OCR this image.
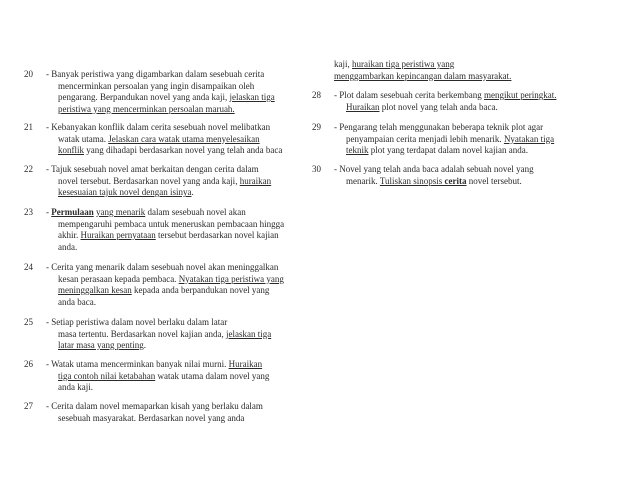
20	- Banyak peristiwa yang digambarkan dalam sesebuah cerita
mencerminkan persoalan yang ingin disampaikan oleh
pengarang. Berpandukan novel yang anda kaji, jelaskan tiga
peristiwa yang mencerminkan persoalan maruah.
21	- Kebanyakan konflik dalam cerita sesebuah novel melibatkan
watak utama. Jelaskan cara watak utama menyelesaikan
konflik yang dihadapi berdasarkan novel yang telah anda baca
22	- Tajuk sesebuah novel amat berkaitan dengan cerita dalam
novel tersebut. Berdasarkan novel yang anda kaji, huraikan
kesesuaian tajuk novel dengan isinya.
23	- Permulaan yang menarik dalam sesebuah novel akan
mempengaruhi pembaca untuk meneruskan pembacaan hingga
akhir. Huraikan pernyataan tersebut berdasarkan novel kajian
anda.
24	- Cerita yang menarik dalam sesebuah novel akan meninggalkan
kesan perasaan kepada pembaca. Nyatakan tiga peristiwa yang
meninggalkan kesan kepada anda berpandukan novel yang
anda baca.
25	- Setiap peristiwa dalam novel berlaku dalam latar
masa tertentu. Berdasarkan novel kajian anda, jelaskan tiga
latar masa yang penting.
26	- Watak utama mencerminkan banyak nilai murni. Huraikan
tiga contoh nilai ketabahan watak utama dalam novel yang
anda kaji.
27	- Cerita dalam novel memaparkan kisah yang berlaku dalam
sesebuah masyarakat. Berdasarkan novel yang anda
kaji, huraikan tiga peristiwa yang
menggambarkan kepincangan dalam masyarakat.
28	- Plot dalam sesebuah cerita berkembang mengikut peringkat.
Huraikan plot novel yang telah anda baca.
29	- Pengarang telah menggunakan beberapa teknik plot agar
penyampaian cerita menjadi lebih menarik. Nyatakan tiga
teknik plot yang terdapat dalam novel kajian anda.
30	- Novel yang telah anda baca adalah sebuah novel yang
menarik. Tuliskan sinopsis cerita novel tersebut.
